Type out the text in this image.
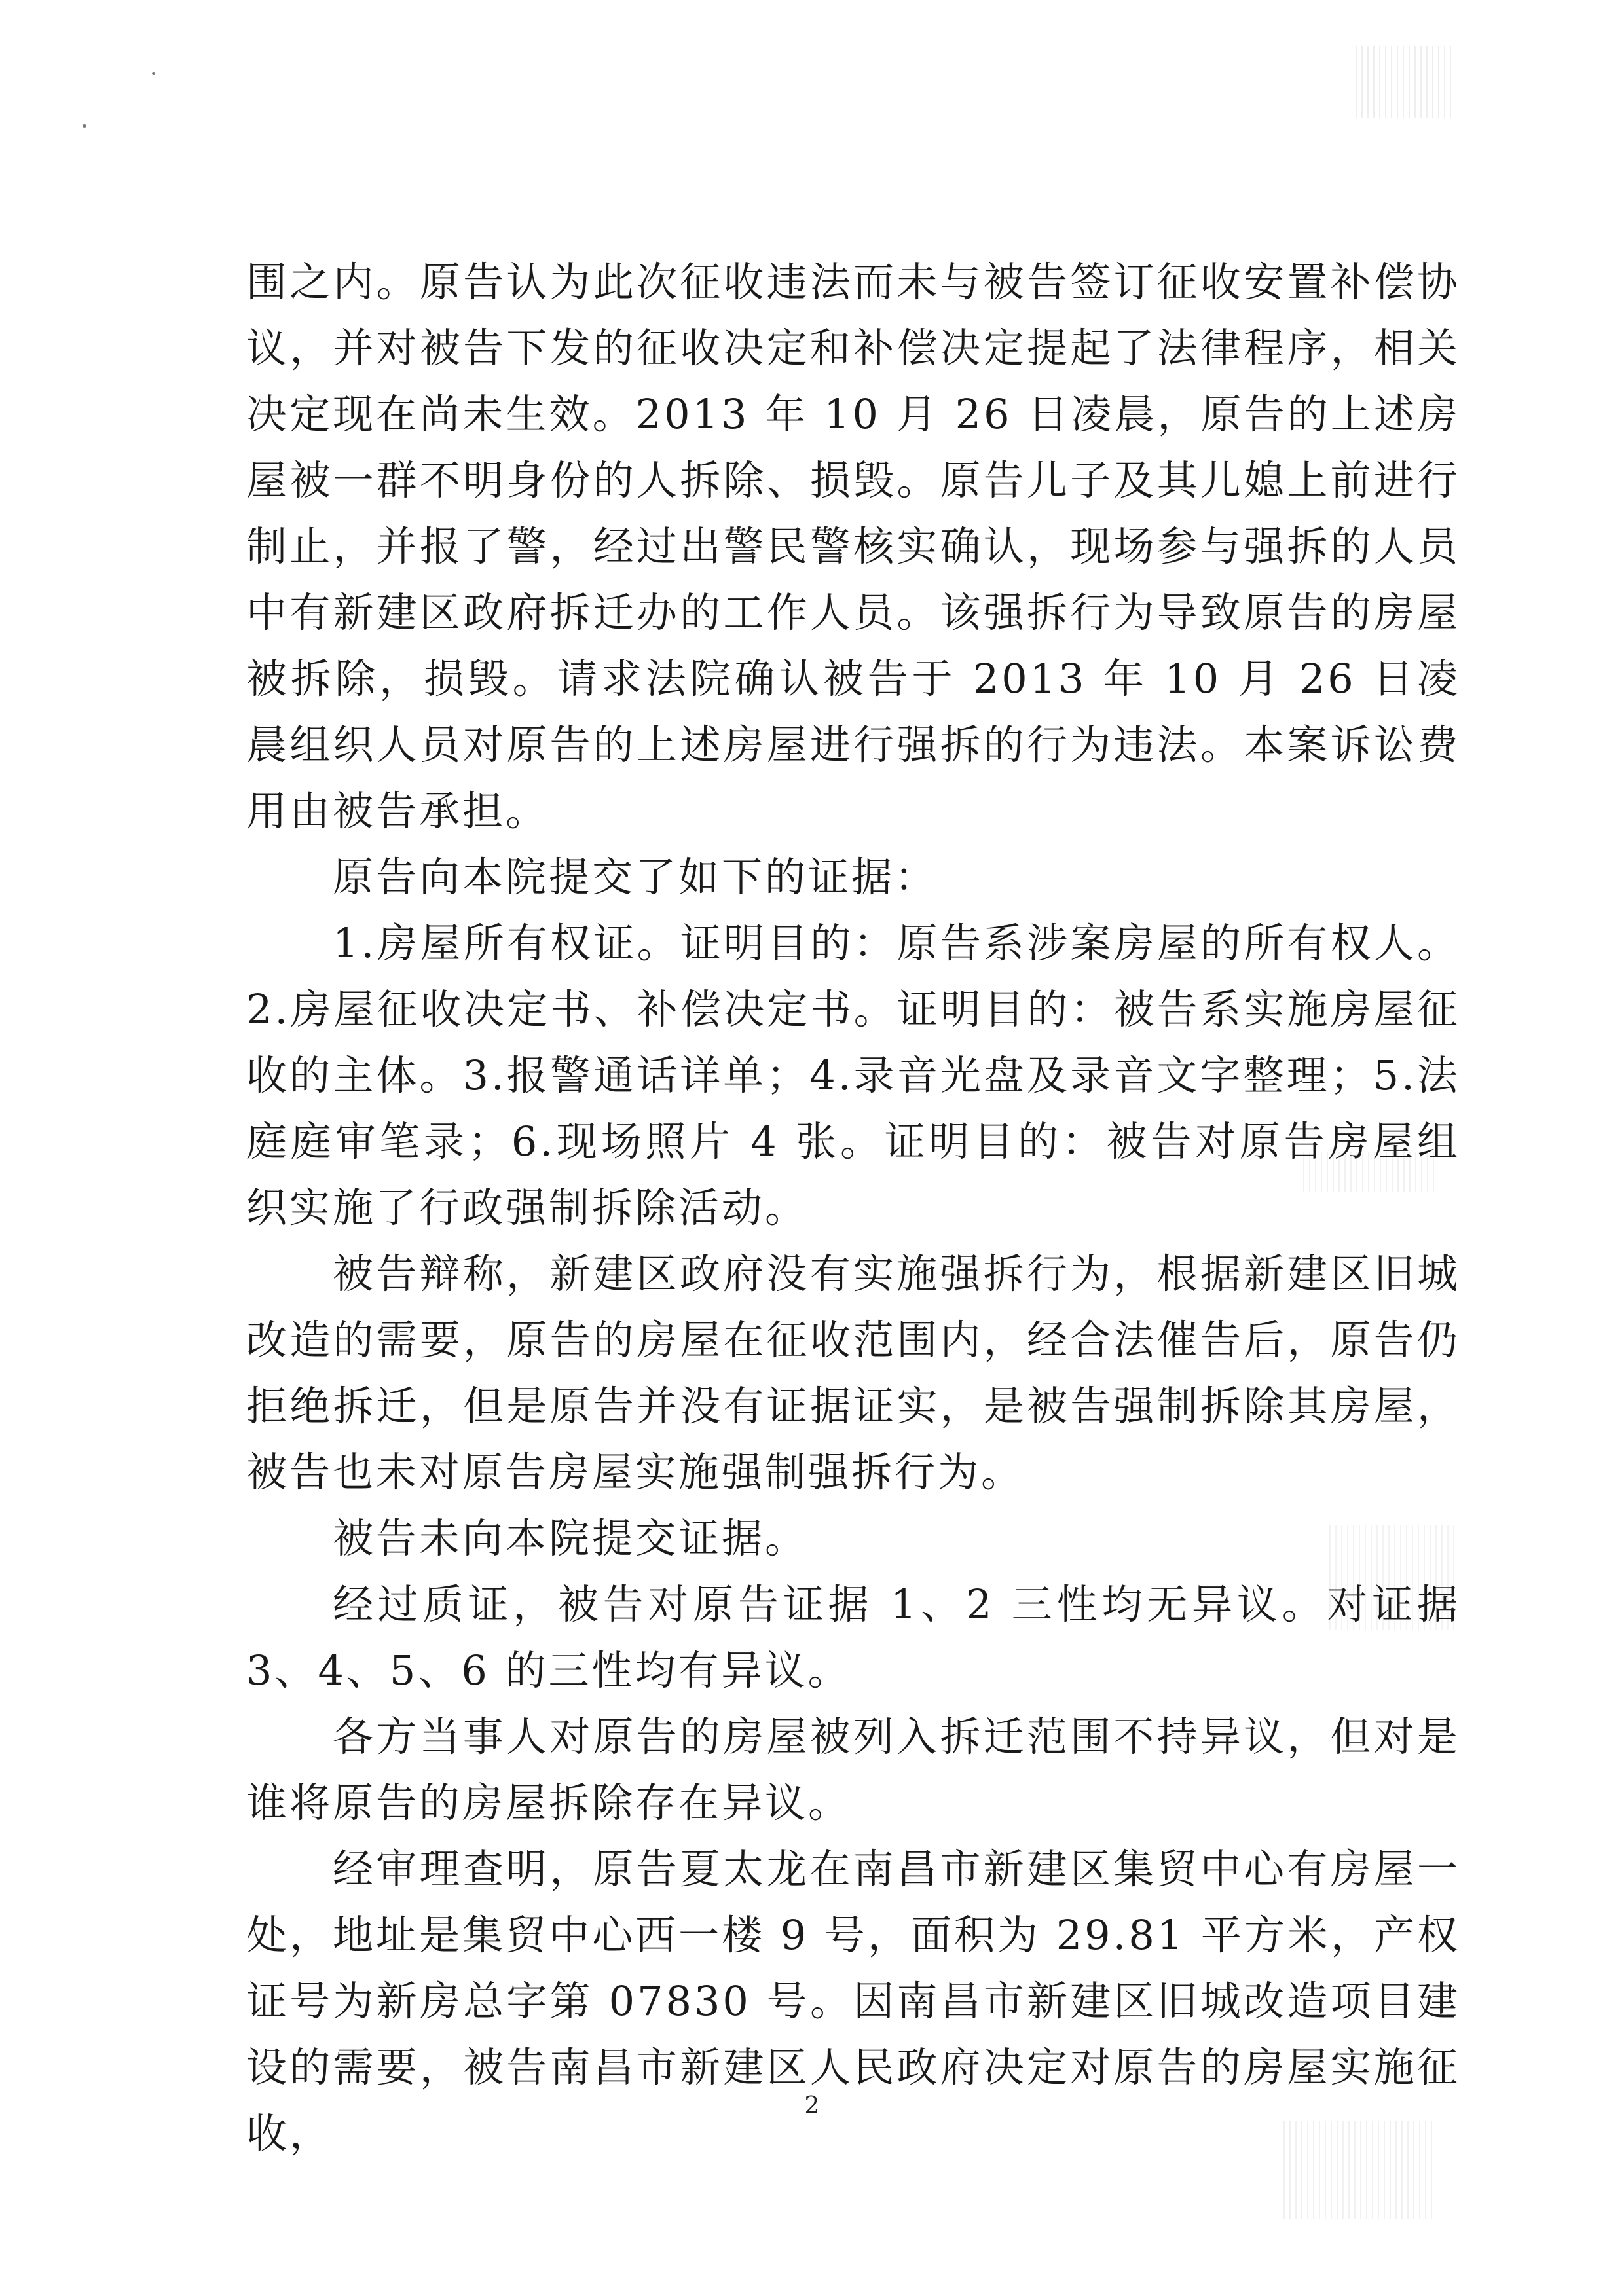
围之内。原告认为此次征收违法而未与被告签订征收安置补偿协议，并对被告下发的征收决定和补偿决定提起了法律程序，相关决定现在尚未生效。2013 年 10 月 26 日凌晨，原告的上述房屋被一群不明身份的人拆除、损毁。原告儿子及其儿媳上前进行制止，并报了警，经过出警民警核实确认，现场参与强拆的人员中有新建区政府拆迁办的工作人员。该强拆行为导致原告的房屋被拆除，损毁。请求法院确认被告于 2013 年 10 月 26 日凌晨组织人员对原告的上述房屋进行强拆的行为违法。本案诉讼费用由被告承担。

原告向本院提交了如下的证据：

1.房屋所有权证。证明目的：原告系涉案房屋的所有权人。2.房屋征收决定书、补偿决定书。证明目的：被告系实施房屋征收的主体。3.报警通话详单；4.录音光盘及录音文字整理；5.法庭庭审笔录；6.现场照片 4 张。证明目的：被告对原告房屋组织实施了行政强制拆除活动。

被告辩称，新建区政府没有实施强拆行为，根据新建区旧城改造的需要，原告的房屋在征收范围内，经合法催告后，原告仍拒绝拆迁，但是原告并没有证据证实，是被告强制拆除其房屋，被告也未对原告房屋实施强制强拆行为。

被告未向本院提交证据。

经过质证，被告对原告证据 1、2 三性均无异议。对证据 3、4、5、6 的三性均有异议。

各方当事人对原告的房屋被列入拆迁范围不持异议，但对是谁将原告的房屋拆除存在异议。

经审理查明，原告夏太龙在南昌市新建区集贸中心有房屋一处，地址是集贸中心西一楼 9 号，面积为 29.81 平方米，产权证号为新房总字第 07830 号。因南昌市新建区旧城改造项目建设的需要，被告南昌市新建区人民政府决定对原告的房屋实施征收，

2
